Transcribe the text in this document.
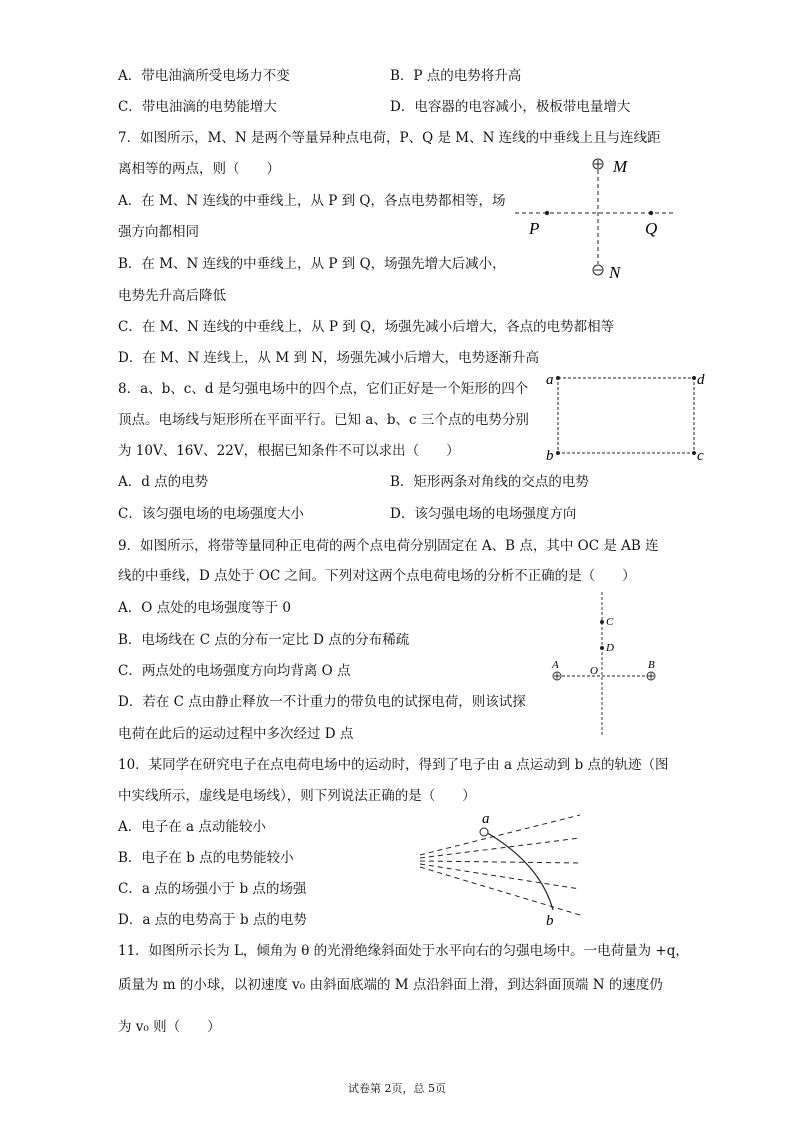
A．带电油滴所受电场力不变	B．P 点的电势将升高
C．带电油滴的电势能增大	D．电容器的电容减小，极板带电量增大
7．如图所示，M、N 是两个等量异种点电荷，P、Q 是 M、N 连线的中垂线上且与连线距
离相等的两点，则（　　）
A．在 M、N 连线的中垂线上，从 P 到 Q，各点电势都相等，场
强方向都相同
B．在 M、N 连线的中垂线上，从 P 到 Q，场强先增大后减小，
电势先升高后降低
C．在 M、N 连线的中垂线上，从 P 到 Q，场强先减小后增大，各点的电势都相等
D．在 M、N 连线上，从 M 到 N，场强先减小后增大，电势逐渐升高
M
N
P	Q
8．a、b、c、d 是匀强电场中的四个点，它们正好是一个矩形的四个
顶点。电场线与矩形所在平面平行。已知 a、b、c 三个点的电势分别
为 10V、16V、22V，根据已知条件不可以求出（　　）
A．d 点的电势	B．矩形两条对角线的交点的电势
C．该匀强电场的电场强度大小	D．该匀强电场的电场强度方向
a	d
b	c
9．如图所示，将带等量同种正电荷的两个点电荷分别固定在 A、B 点，其中 OC 是 AB 连
线的中垂线，D 点处于 OC 之间。下列对这两个点电荷电场的分析不正确的是（　　）
A．O 点处的电场强度等于 0
B．电场线在 C 点的分布一定比 D 点的分布稀疏
C．两点处的电场强度方向均背离 O 点
D．若在 C 点由静止释放一不计重力的带负电的试探电荷，则该试探
电荷在此后的运动过程中多次经过 D 点
C
D
A	B
O
10．某同学在研究电子在点电荷电场中的运动时，得到了电子由 a 点运动到 b 点的轨迹（图
中实线所示，虚线是电场线），则下列说法正确的是（　　）
A．电子在 a 点动能较小
B．电子在 b 点的电势能较小
C．a 点的场强小于 b 点的场强
D．a 点的电势高于 b 点的电势
a
b
11．如图所示长为 L，倾角为 θ 的光滑绝缘斜面处于水平向右的匀强电场中。一电荷量为 +q，
质量为 m 的小球，以初速度 v₀ 由斜面底端的 M 点沿斜面上滑，到达斜面顶端 N 的速度仍
为 v₀ 则（　　）
试卷第 2页，总 5页
